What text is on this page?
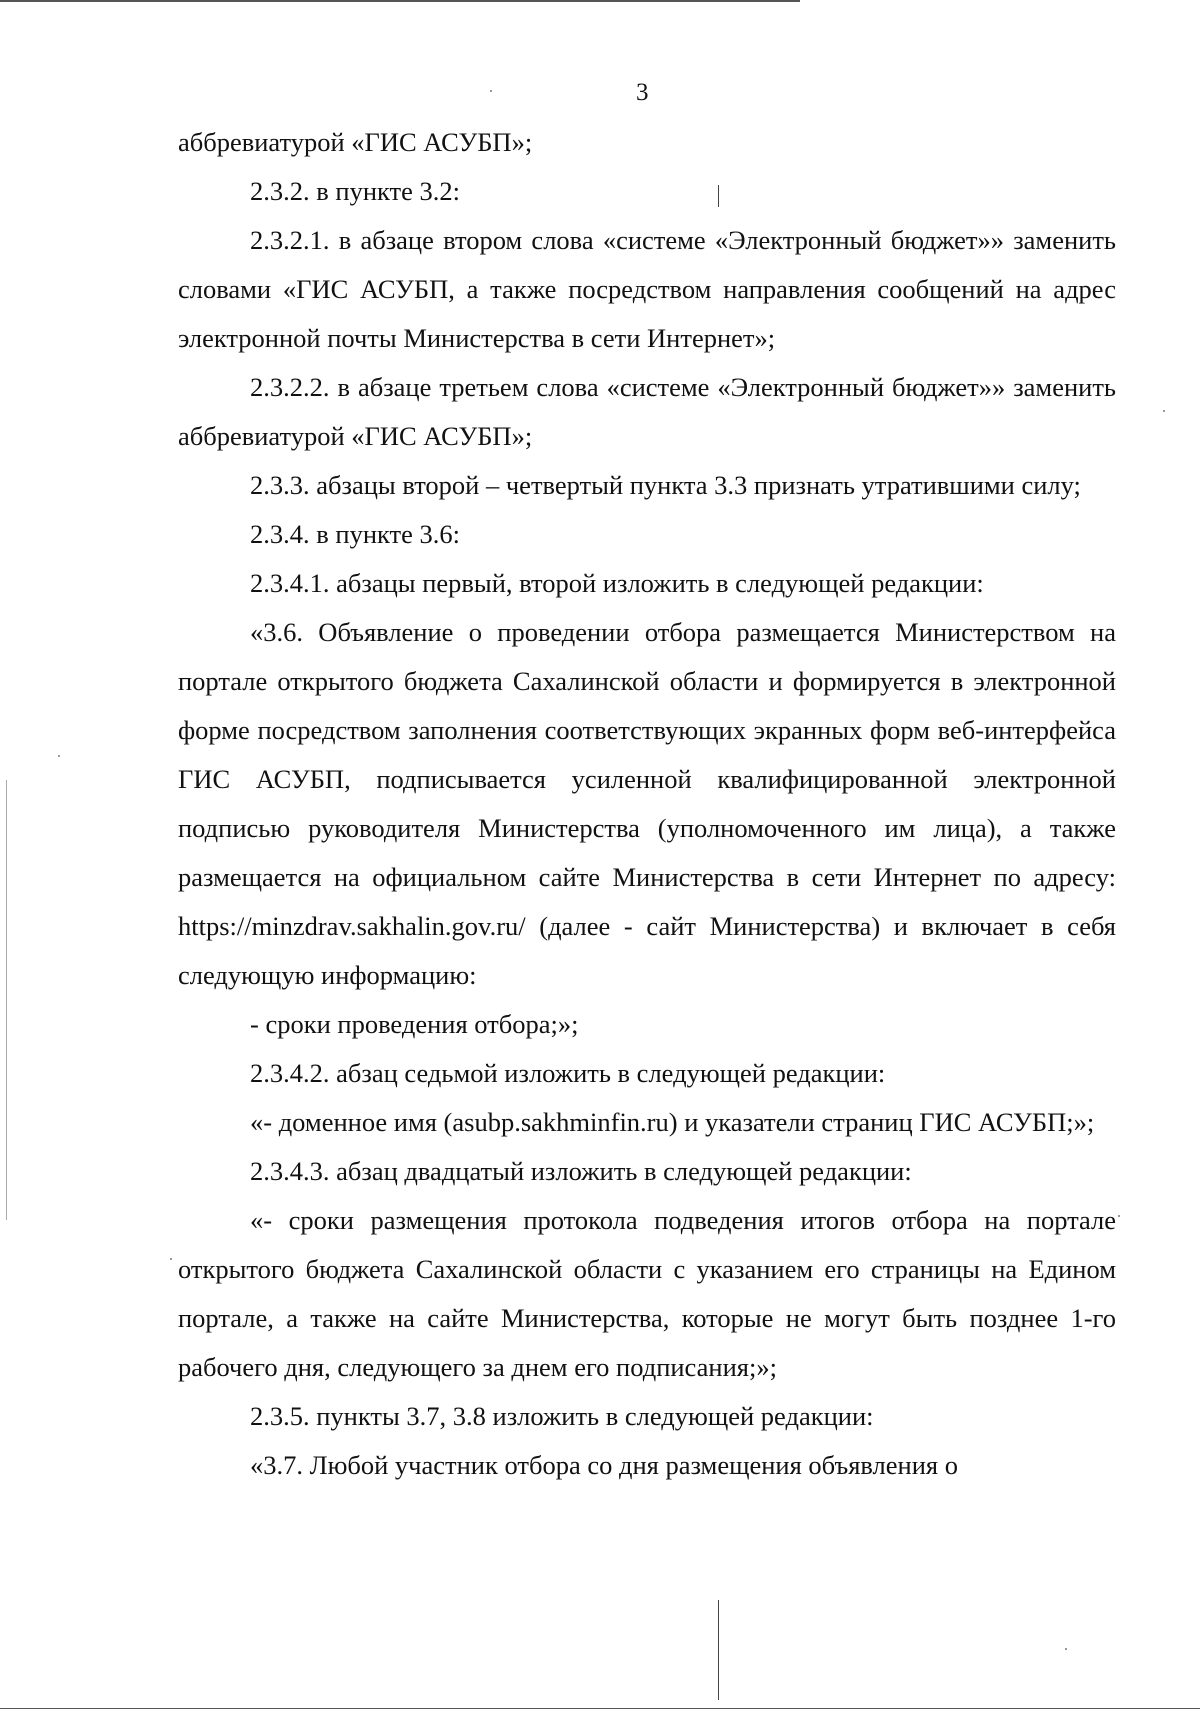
3

аббревиатурой «ГИС АСУБП»;

2.3.2. в пункте 3.2:

2.3.2.1. в абзаце втором слова «системе «Электронный бюджет»» заменить словами «ГИС АСУБП, а также посредством направления сообщений на адрес электронной почты Министерства в сети Интернет»;

2.3.2.2. в абзаце третьем слова «системе «Электронный бюджет»» заменить аббревиатурой «ГИС АСУБП»;

2.3.3. абзацы второй – четвертый пункта 3.3 признать утратившими силу;

2.3.4. в пункте 3.6:

2.3.4.1. абзацы первый, второй изложить в следующей редакции:

«3.6. Объявление о проведении отбора размещается Министерством на портале открытого бюджета Сахалинской области и формируется в электронной форме посредством заполнения соответствующих экранных форм веб-интерфейса ГИС АСУБП, подписывается усиленной квалифицированной электронной подписью руководителя Министерства (уполномоченного им лица), а также размещается на официальном сайте Министерства в сети Интернет по адресу: https://minzdrav.sakhalin.gov.ru/ (далее - сайт Министерства) и включает в себя следующую информацию:

- сроки проведения отбора;»;

2.3.4.2. абзац седьмой изложить в следующей редакции:

«- доменное имя (asubp.sakhminfin.ru) и указатели страниц ГИС АСУБП;»;

2.3.4.3. абзац двадцатый изложить в следующей редакции:

«- сроки размещения протокола подведения итогов отбора на портале открытого бюджета Сахалинской области с указанием его страницы на Едином портале, а также на сайте Министерства, которые не могут быть позднее 1-го рабочего дня, следующего за днем его подписания;»;

2.3.5. пункты 3.7, 3.8 изложить в следующей редакции:

«3.7. Любой участник отбора со дня размещения объявления о
